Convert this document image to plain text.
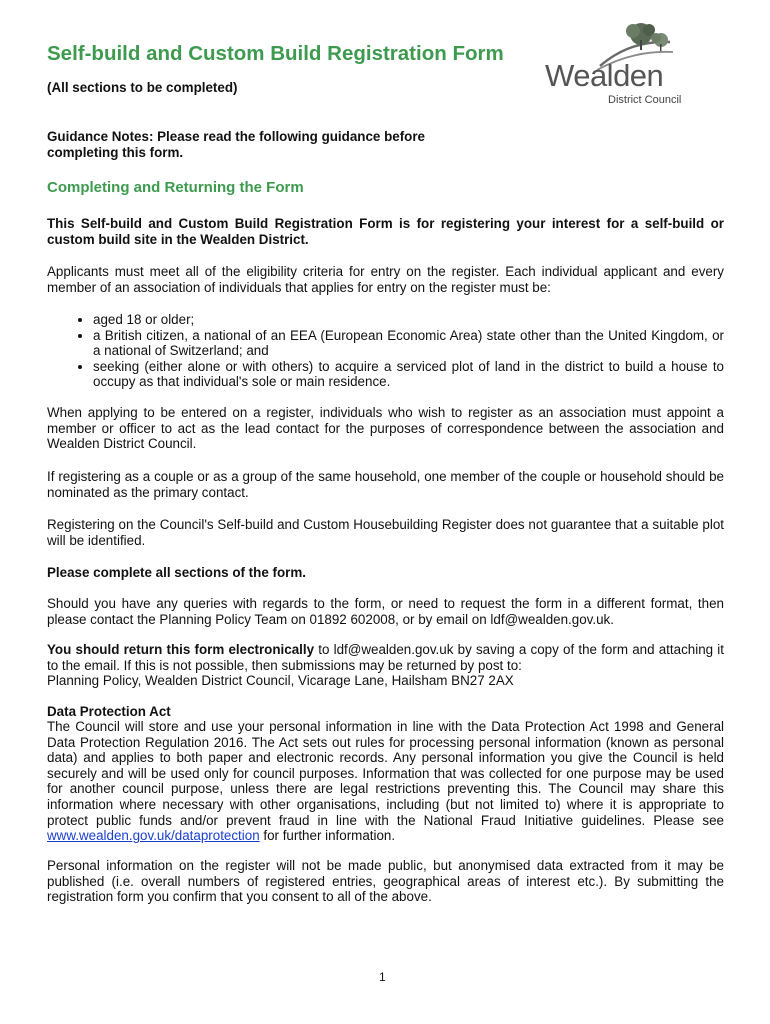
Self-build and Custom Build Registration Form
Wealden
District Council
(All sections to be completed)
Guidance Notes: Please read the following guidance before completing this form.
Completing and Returning the Form
This Self-build and Custom Build Registration Form is for registering your interest for a self-build or custom build site in the Wealden District.
Applicants must meet all of the eligibility criteria for entry on the register. Each individual applicant and every member of an association of individuals that applies for entry on the register must be:
• aged 18 or older;
• a British citizen, a national of an EEA (European Economic Area) state other than the United Kingdom, or a national of Switzerland; and
• seeking (either alone or with others) to acquire a serviced plot of land in the district to build a house to occupy as that individual's sole or main residence.
When applying to be entered on a register, individuals who wish to register as an association must appoint a member or officer to act as the lead contact for the purposes of correspondence between the association and Wealden District Council.
If registering as a couple or as a group of the same household, one member of the couple or household should be nominated as the primary contact.
Registering on the Council's Self-build and Custom Housebuilding Register does not guarantee that a suitable plot will be identified.
Please complete all sections of the form.
Should you have any queries with regards to the form, or need to request the form in a different format, then please contact the Planning Policy Team on 01892 602008, or by email on ldf@wealden.gov.uk.
You should return this form electronically to ldf@wealden.gov.uk by saving a copy of the form and attaching it to the email. If this is not possible, then submissions may be returned by post to:
Planning Policy, Wealden District Council, Vicarage Lane, Hailsham BN27 2AX
Data Protection Act
The Council will store and use your personal information in line with the Data Protection Act 1998 and General Data Protection Regulation 2016. The Act sets out rules for processing personal information (known as personal data) and applies to both paper and electronic records. Any personal information you give the Council is held securely and will be used only for council purposes. Information that was collected for one purpose may be used for another council purpose, unless there are legal restrictions preventing this. The Council may share this information where necessary with other organisations, including (but not limited to) where it is appropriate to protect public funds and/or prevent fraud in line with the National Fraud Initiative guidelines. Please see www.wealden.gov.uk/dataprotection for further information.
Personal information on the register will not be made public, but anonymised data extracted from it may be published (i.e. overall numbers of registered entries, geographical areas of interest etc.). By submitting the registration form you confirm that you consent to all of the above.
1
